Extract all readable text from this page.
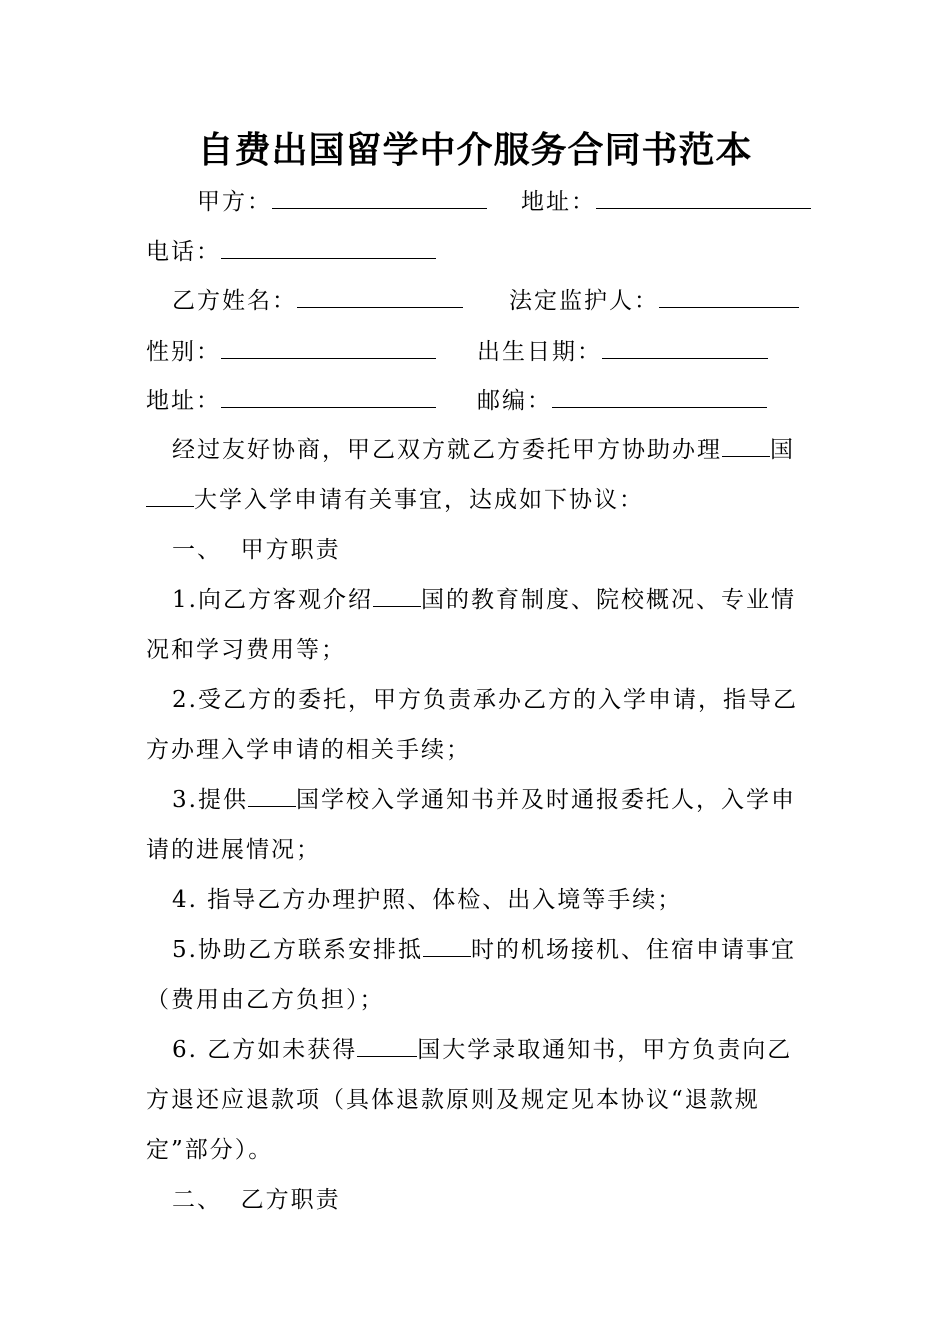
自费出国留学中介服务合同书范本
甲方：	地址：
电话：
乙方姓名：	法定监护人：
性别：	出生日期：
地址：	邮编：
经过友好协商，甲乙双方就乙方委托甲方协助办理 国
大学入学申请有关事宜，达成如下协议：
一、  甲方职责
1.向乙方客观介绍 国的教育制度、院校概况、专业情
况和学习费用等；
2.受乙方的委托，甲方负责承办乙方的入学申请，指导乙
方办理入学申请的相关手续；
3.提供 国学校入学通知书并及时通报委托人，入学申
请的进展情况；
4. 指导乙方办理护照、体检、出入境等手续；
5.协助乙方联系安排抵 时的机场接机、住宿申请事宜
（费用由乙方负担）；
6. 乙方如未获得	国大学录取通知书，甲方负责向乙
方退还应退款项（具体退款原则及规定见本协议“退款规
定”部分）。
二、  乙方职责
